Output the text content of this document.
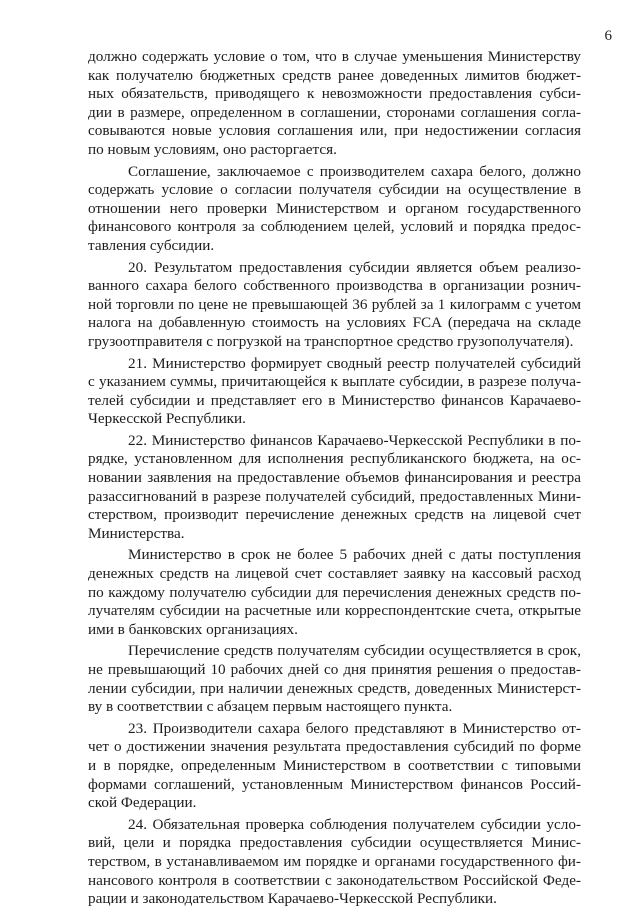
6
должно содержать условие о том, что в случае уменьшения Министерству
как получателю бюджетных средств ранее доведенных лимитов бюджет-
ных обязательств, приводящего к невозможности предоставления субси-
дии в размере, определенном в соглашении, сторонами соглашения согла-
совываются новые условия соглашения или, при недостижении согласия
по новым условиям, оно расторгается.
Соглашение, заключаемое с производителем сахара белого, должно
содержать условие о согласии получателя субсидии на осуществление в
отношении него проверки Министерством и органом государственного
финансового контроля за соблюдением целей, условий и порядка предос-
тавления субсидии.
20. Результатом предоставления субсидии является объем реализо-
ванного сахара белого собственного производства в организации рознич-
ной торговли по цене не превышающей 36 рублей за 1 килограмм с учетом
налога на добавленную стоимость на условиях FCA (передача на складе
грузоотправителя с погрузкой на транспортное средство грузополучателя).
21. Министерство формирует сводный реестр получателей субсидий
с указанием суммы, причитающейся к выплате субсидии, в разрезе получа-
телей субсидии и представляет его в Министерство финансов Карачаево-
Черкесской Республики.
22. Министерство финансов Карачаево-Черкесской Республики в по-
рядке, установленном для исполнения республиканского бюджета, на ос-
новании заявления на предоставление объемов финансирования и реестра
разассигнований в разрезе получателей субсидий, предоставленных Мини-
стерством, производит перечисление денежных средств на лицевой счет
Министерства.
Министерство в срок не более 5 рабочих дней с даты поступления
денежных средств на лицевой счет составляет заявку на кассовый расход
по каждому получателю субсидии для перечисления денежных средств по-
лучателям субсидии на расчетные или корреспондентские счета, открытые
ими в банковских организациях.
Перечисление средств получателям субсидии осуществляется в срок,
не превышающий 10 рабочих дней со дня принятия решения о предостав-
лении субсидии, при наличии денежных средств, доведенных Министерст-
ву в соответствии с абзацем первым настоящего пункта.
23. Производители сахара белого представляют в Министерство от-
чет о достижении значения результата предоставления субсидий по форме
и в порядке, определенным Министерством в соответствии с типовыми
формами соглашений, установленным Министерством финансов Россий-
ской Федерации.
24. Обязательная проверка соблюдения получателем субсидии усло-
вий, цели и порядка предоставления субсидии осуществляется Минис-
терством, в устанавливаемом им порядке и органами государственного фи-
нансового контроля в соответствии с законодательством Российской Феде-
рации и законодательством Карачаево-Черкесской Республики.
